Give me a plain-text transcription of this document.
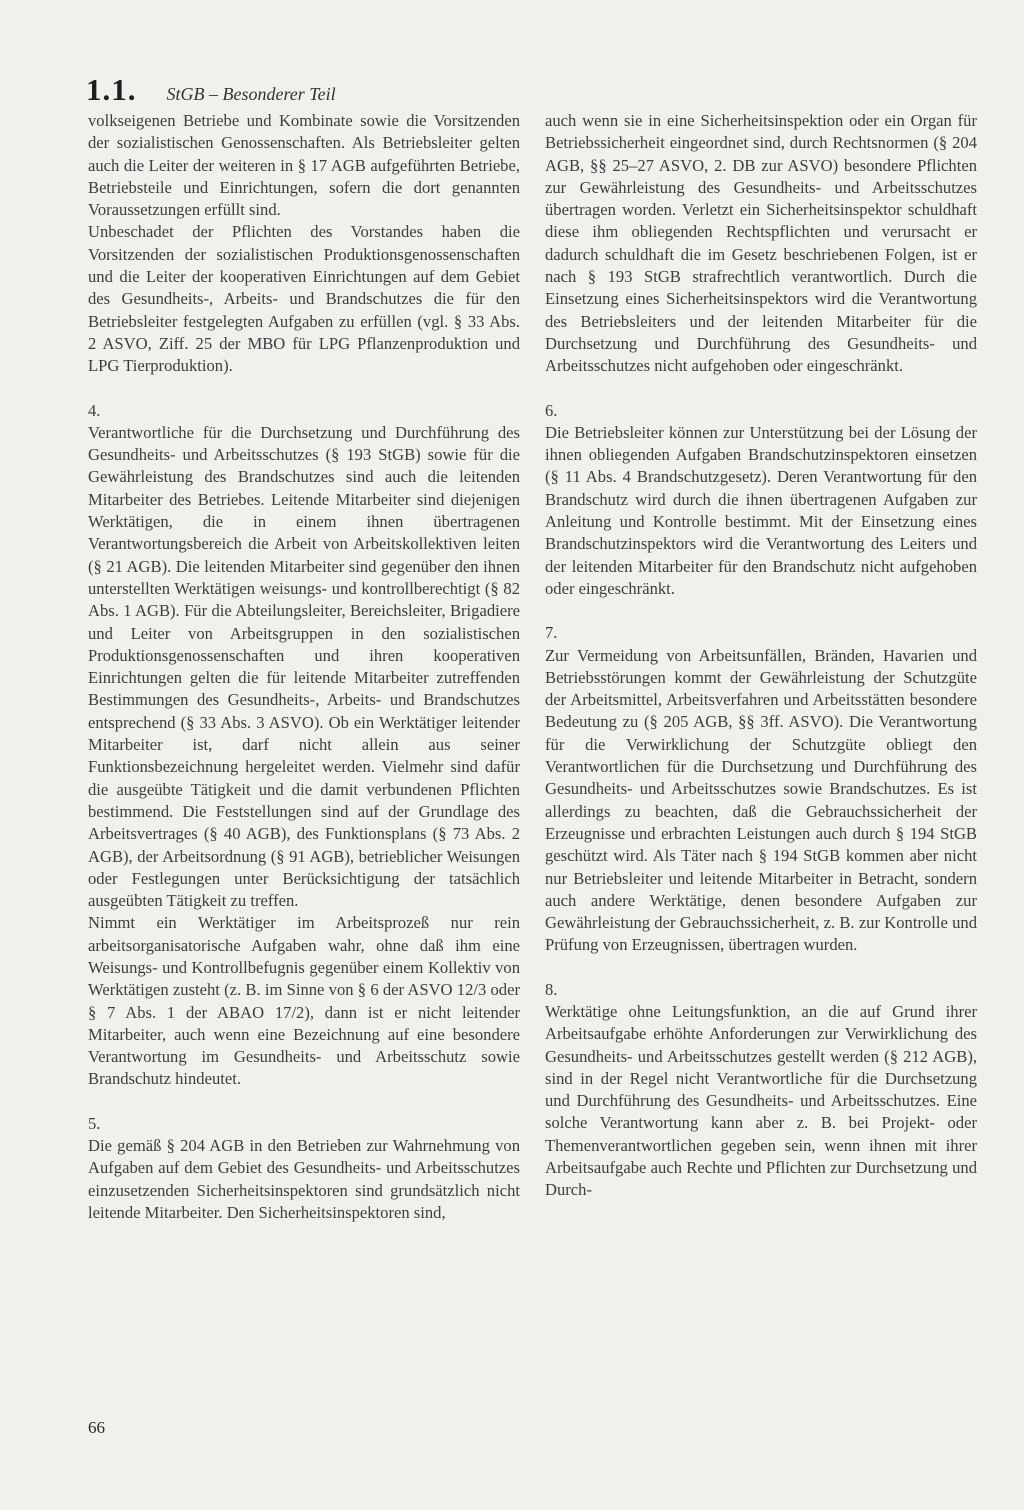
1.1. StGB – Besonderer Teil

volkseigenen Betriebe und Kombinate sowie die Vorsitzenden der sozialistischen Genossenschaften. Als Betriebsleiter gelten auch die Leiter der weiteren in § 17 AGB aufgeführten Betriebe, Betriebsteile und Einrichtungen, sofern die dort genannten Voraussetzungen erfüllt sind.

Unbeschadet der Pflichten des Vorstandes haben die Vorsitzenden der sozialistischen Produktionsgenossenschaften und die Leiter der kooperativen Einrichtungen auf dem Gebiet des Gesundheits-, Arbeits- und Brandschutzes die für den Betriebsleiter festgelegten Aufgaben zu erfüllen (vgl. § 33 Abs. 2 ASVO, Ziff. 25 der MBO für LPG Pflanzenproduktion und LPG Tierproduktion).

4.

Verantwortliche für die Durchsetzung und Durchführung des Gesundheits- und Arbeitsschutzes (§ 193 StGB) sowie für die Gewährleistung des Brandschutzes sind auch die leitenden Mitarbeiter des Betriebes. Leitende Mitarbeiter sind diejenigen Werktätigen, die in einem ihnen übertragenen Verantwortungsbereich die Arbeit von Arbeitskollektiven leiten (§ 21 AGB). Die leitenden Mitarbeiter sind gegenüber den ihnen unterstellten Werktätigen weisungs- und kontrollberechtigt (§ 82 Abs. 1 AGB). Für die Abteilungsleiter, Bereichsleiter, Brigadiere und Leiter von Arbeitsgruppen in den sozialistischen Produktionsgenossenschaften und ihren kooperativen Einrichtungen gelten die für leitende Mitarbeiter zutreffenden Bestimmungen des Gesundheits-, Arbeits- und Brandschutzes entsprechend (§ 33 Abs. 3 ASVO). Ob ein Werktätiger leitender Mitarbeiter ist, darf nicht allein aus seiner Funktionsbezeichnung hergeleitet werden. Vielmehr sind dafür die ausgeübte Tätigkeit und die damit verbundenen Pflichten bestimmend. Die Feststellungen sind auf der Grundlage des Arbeitsvertrages (§ 40 AGB), des Funktionsplans (§ 73 Abs. 2 AGB), der Arbeitsordnung (§ 91 AGB), betrieblicher Weisungen oder Festlegungen unter Berücksichtigung der tatsächlich ausgeübten Tätigkeit zu treffen.

Nimmt ein Werktätiger im Arbeitsprozeß nur rein arbeitsorganisatorische Aufgaben wahr, ohne daß ihm eine Weisungs- und Kontrollbefugnis gegenüber einem Kollektiv von Werktätigen zusteht (z. B. im Sinne von § 6 der ASVO 12/3 oder § 7 Abs. 1 der ABAO 17/2), dann ist er nicht leitender Mitarbeiter, auch wenn eine Bezeichnung auf eine besondere Verantwortung im Gesundheits- und Arbeitsschutz sowie Brandschutz hindeutet.

5.

Die gemäß § 204 AGB in den Betrieben zur Wahrnehmung von Aufgaben auf dem Gebiet des Gesundheits- und Arbeitsschutzes einzusetzenden Sicherheitsinspektoren sind grundsätzlich nicht leitende Mitarbeiter. Den Sicherheitsinspektoren sind,

auch wenn sie in eine Sicherheitsinspektion oder ein Organ für Betriebssicherheit eingeordnet sind, durch Rechtsnormen (§ 204 AGB, §§ 25–27 ASVO, 2. DB zur ASVO) besondere Pflichten zur Gewährleistung des Gesundheits- und Arbeitsschutzes übertragen worden. Verletzt ein Sicherheitsinspektor schuldhaft diese ihm obliegenden Rechtspflichten und verursacht er dadurch schuldhaft die im Gesetz beschriebenen Folgen, ist er nach § 193 StGB strafrechtlich verantwortlich. Durch die Einsetzung eines Sicherheitsinspektors wird die Verantwortung des Betriebsleiters und der leitenden Mitarbeiter für die Durchsetzung und Durchführung des Gesundheits- und Arbeitsschutzes nicht aufgehoben oder eingeschränkt.

6.

Die Betriebsleiter können zur Unterstützung bei der Lösung der ihnen obliegenden Aufgaben Brandschutzinspektoren einsetzen (§ 11 Abs. 4 Brandschutzgesetz). Deren Verantwortung für den Brandschutz wird durch die ihnen übertragenen Aufgaben zur Anleitung und Kontrolle bestimmt. Mit der Einsetzung eines Brandschutzinspektors wird die Verantwortung des Leiters und der leitenden Mitarbeiter für den Brandschutz nicht aufgehoben oder eingeschränkt.

7.

Zur Vermeidung von Arbeitsunfällen, Bränden, Havarien und Betriebsstörungen kommt der Gewährleistung der Schutzgüte der Arbeitsmittel, Arbeitsverfahren und Arbeitsstätten besondere Bedeutung zu (§ 205 AGB, §§ 3ff. ASVO). Die Verantwortung für die Verwirklichung der Schutzgüte obliegt den Verantwortlichen für die Durchsetzung und Durchführung des Gesundheits- und Arbeitsschutzes sowie Brandschutzes. Es ist allerdings zu beachten, daß die Gebrauchssicherheit der Erzeugnisse und erbrachten Leistungen auch durch § 194 StGB geschützt wird. Als Täter nach § 194 StGB kommen aber nicht nur Betriebsleiter und leitende Mitarbeiter in Betracht, sondern auch andere Werktätige, denen besondere Aufgaben zur Gewährleistung der Gebrauchssicherheit, z. B. zur Kontrolle und Prüfung von Erzeugnissen, übertragen wurden.

8.

Werktätige ohne Leitungsfunktion, an die auf Grund ihrer Arbeitsaufgabe erhöhte Anforderungen zur Verwirklichung des Gesundheits- und Arbeitsschutzes gestellt werden (§ 212 AGB), sind in der Regel nicht Verantwortliche für die Durchsetzung und Durchführung des Gesundheits- und Arbeitsschutzes. Eine solche Verantwortung kann aber z. B. bei Projekt- oder Themenverantwortlichen gegeben sein, wenn ihnen mit ihrer Arbeitsaufgabe auch Rechte und Pflichten zur Durchsetzung und Durch-

66
